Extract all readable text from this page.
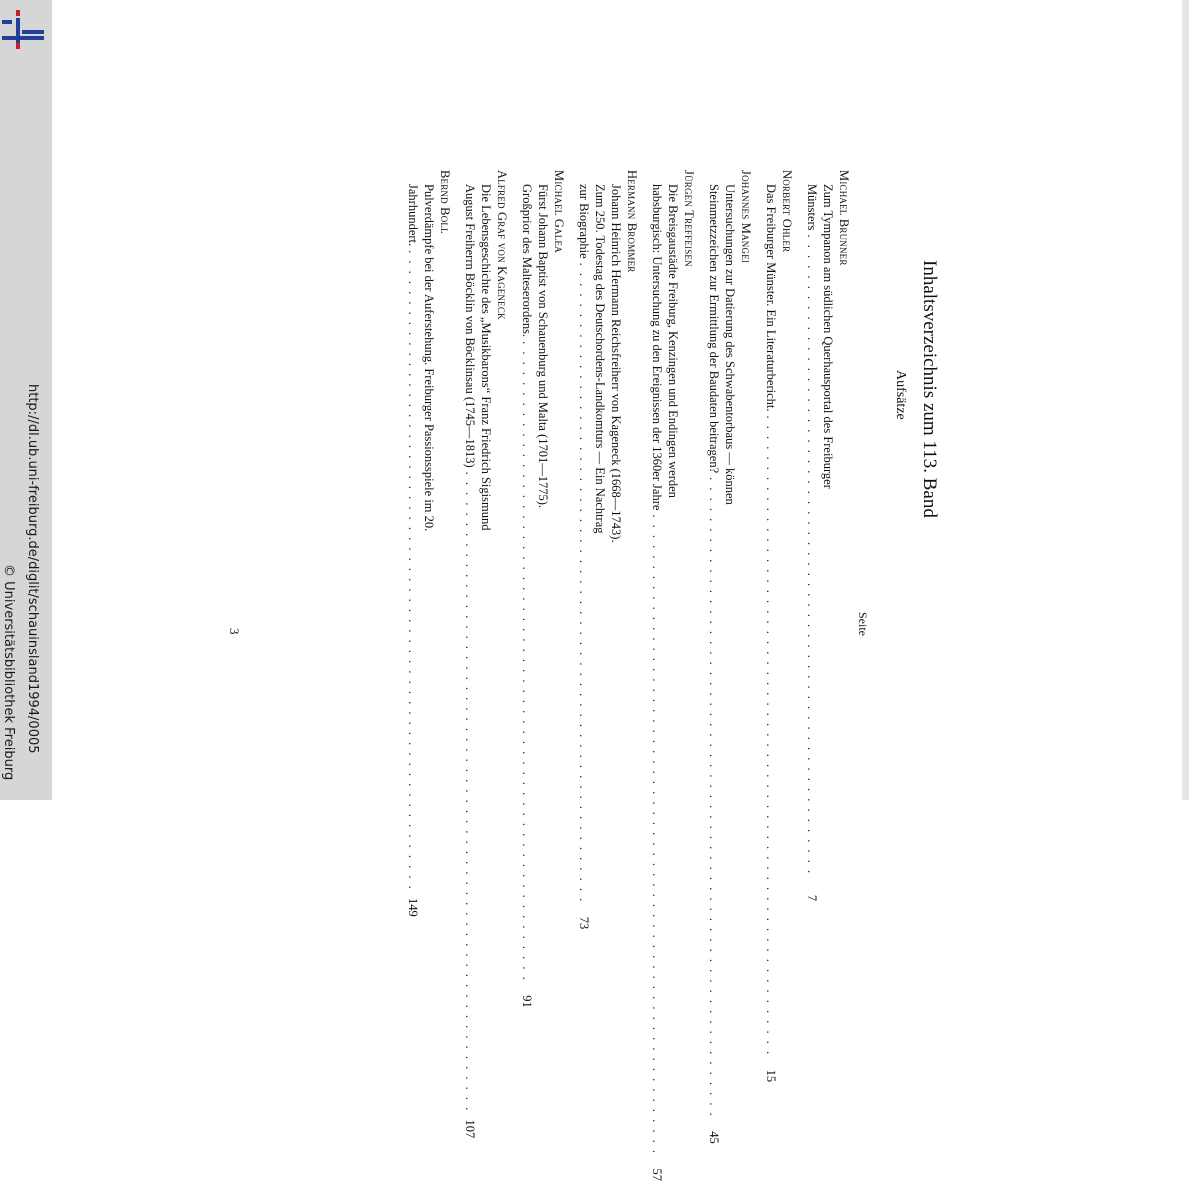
http://dl.ub.uni-freiburg.de/diglit/schauinsland1994/0005
© Universitätsbibliothek Freiburg
Inhaltsverzeichnis zum 113. Band
Aufsätze
Seite
Michael Brunner
Zum Tympanon am südlichen Querhausportal des Freiburger
Münsters
. . . . . . . . . . . . . . . . . . . . . . . . . . . . . . . . . . . . . . . . . . . . . . . . . . . . . . . . . . . . . . .
7
Norbert Ohler
Das Freiburger Münster. Ein Literaturbericht.
. . . . . . . . . . . . . . . . . . . . . . . . . . . . . . . . . . . . . . . . . . . . . . . . . . . . . . . . . . . . . . .
15
Johannes Mangei
Untersuchungen zur Datierung des Schwabentorbaus — können
Steinmetzzeichen zur Ermittlung der Baudaten beitragen?
. . . . . . . . . . . . . . . . . . . . . . . . . . . . . . . . . . . . . . . . . . . . . . . . . . . . . . . . . . . . . . .
45
Jürgen Treffeisen
Die Breisgaustädte Freiburg, Kenzingen und Endingen werden
habsburgisch: Untersuchung zu den Ereignissen der 1360er Jahre
. . . . . . . . . . . . . . . . . . . . . . . . . . . . . . . . . . . . . . . . . . . . . . . . . . . . . . . . . . . . . . .
57
Hermann Brommer
Johann Heinrich Hermann Reichsfreiherr von Kageneck (1668—1743).
Zum 250. Todestag des Deutschordens-Landkomturs — Ein Nachtrag
zur Biographie
. . . . . . . . . . . . . . . . . . . . . . . . . . . . . . . . . . . . . . . . . . . . . . . . . . . . . . . . . . . . . . .
73
Michael Galea
Fürst Johann Baptist von Schauenburg und Malta (1701—1775).
Großprior des Malteserordens.
. . . . . . . . . . . . . . . . . . . . . . . . . . . . . . . . . . . . . . . . . . . . . . . . . . . . . . . . . . . . . . .
91
Alfred Graf von Kageneck
Die Lebensgeschichte des „Musikbarons“ Franz Friedrich Sigismund
August Freiherrn Böcklin von Böcklinsau (1745—1813)
. . . . . . . . . . . . . . . . . . . . . . . . . . . . . . . . . . . . . . . . . . . . . . . . . . . . . . . . . . . . . . .
107
Bernd Boll
Pulverdämpfe bei der Auferstehung. Freiburger Passionsspiele im 20.
Jahrhundert.
. . . . . . . . . . . . . . . . . . . . . . . . . . . . . . . . . . . . . . . . . . . . . . . . . . . . . . . . . . . . . . .
149
3
